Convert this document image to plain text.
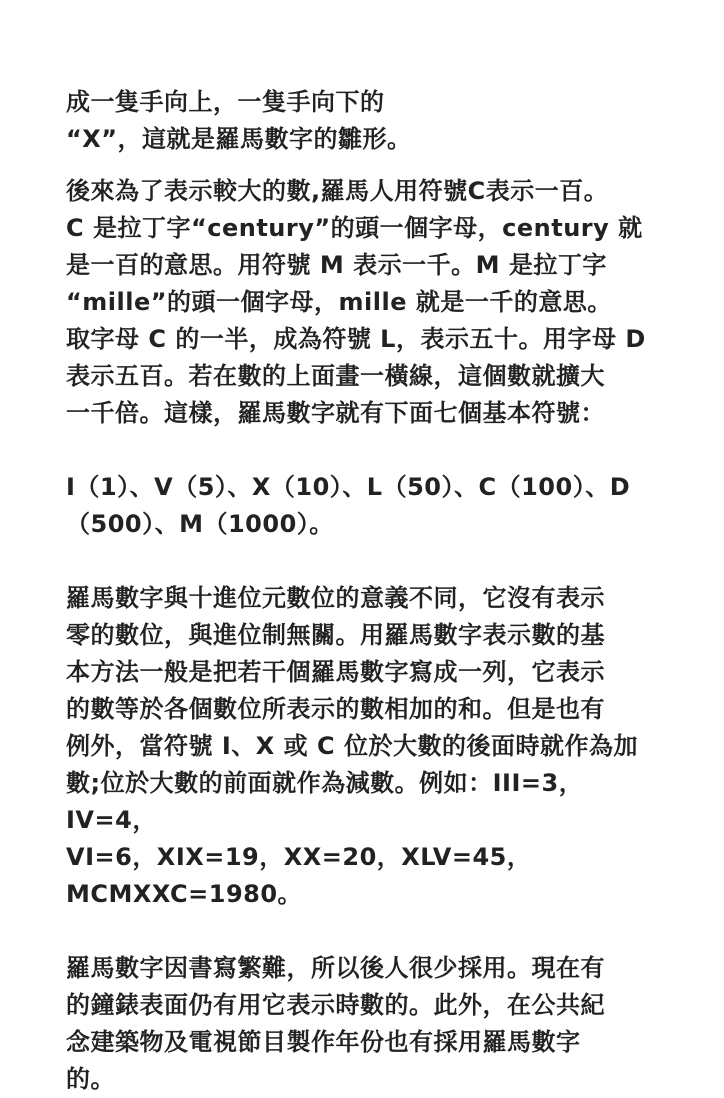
成一隻手向上，一隻手向下的
“X”，這就是羅馬數字的雛形。

後來為了表示較大的數,羅馬人用符號C表示一百。
C 是拉丁字“century”的頭一個字母，century 就
是一百的意思。用符號 M 表示一千。M 是拉丁字
“mille”的頭一個字母，mille 就是一千的意思。
取字母 C 的一半，成為符號 L，表示五十。用字母 D
表示五百。若在數的上面畫一橫線，這個數就擴大
一千倍。這樣，羅馬數字就有下面七個基本符號：

I（1）、V（5）、X（10）、L（50）、C（100）、D
（500）、M（1000）。

羅馬數字與十進位元數位的意義不同，它沒有表示
零的數位，與進位制無關。用羅馬數字表示數的基
本方法一般是把若干個羅馬數字寫成一列，它表示
的數等於各個數位所表示的數相加的和。但是也有
例外，當符號 I、X 或 C 位於大數的後面時就作為加
數;位於大數的前面就作為減數。例如：III=3，IV=4，
VI=6，XIX=19，XX=20，XLV=45，MCMXXC=1980。

羅馬數字因書寫繁難，所以後人很少採用。現在有
的鐘錶表面仍有用它表示時數的。此外，在公共紀
念建築物及電視節目製作年份也有採用羅馬數字
的。
